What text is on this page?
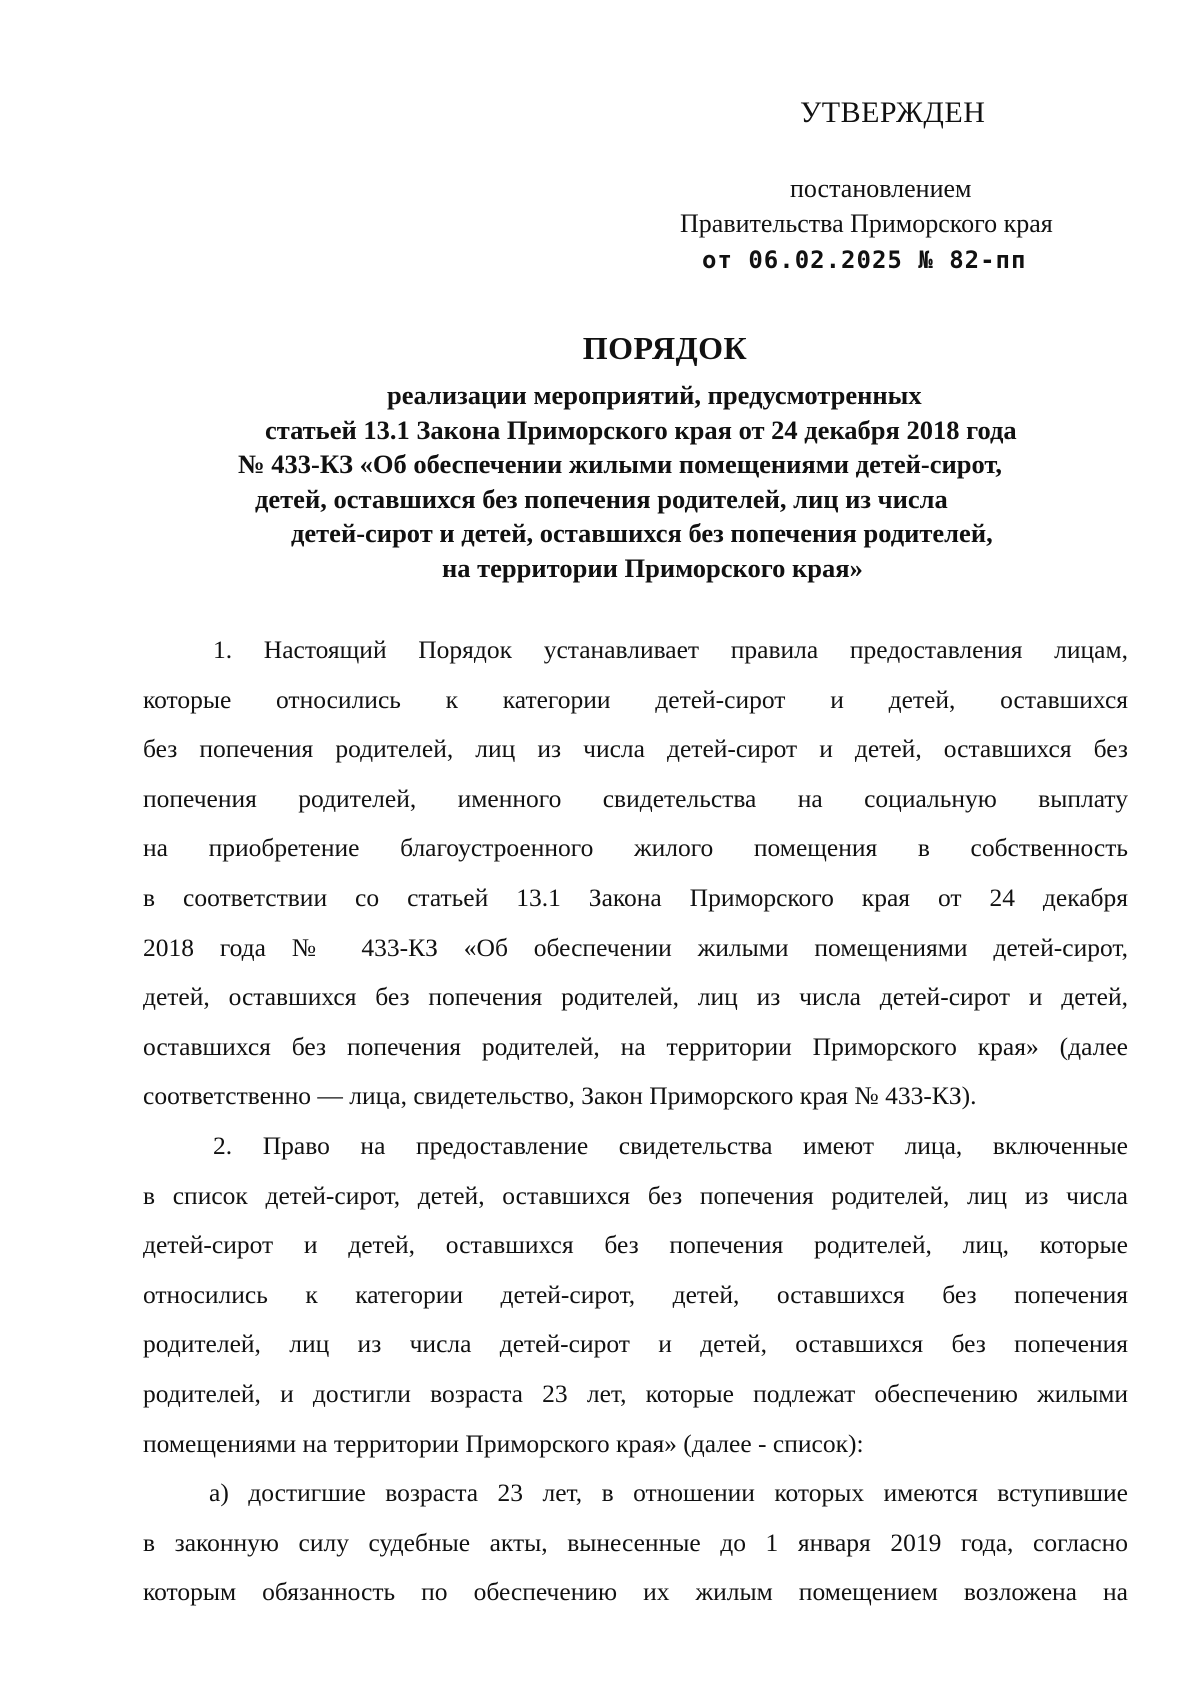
УТВЕРЖДЕН
постановлением
Правительства Приморского края
от 06.02.2025 № 82-пп
ПОРЯДОК
реализации мероприятий, предусмотренных
статьей 13.1 Закона Приморского края от 24 декабря 2018 года
№ 433-КЗ «Об обеспечении жилыми помещениями детей-сирот,
детей, оставшихся без попечения родителей, лиц из числа
детей-сирот и детей, оставшихся без попечения родителей,
на территории Приморского края»
1. Настоящий Порядок устанавливает правила предоставления лицам,
которые относились к категории детей-сирот и детей, оставшихся
без попечения родителей, лиц из числа детей-сирот и детей, оставшихся без
попечения родителей, именного свидетельства на социальную выплату
на приобретение благоустроенного жилого помещения в собственность
в соответствии со статьей 13.1 Закона Приморского края от 24 декабря
2018 года № 433-КЗ «Об обеспечении жилыми помещениями детей-сирот,
детей, оставшихся без попечения родителей, лиц из числа детей-сирот и детей,
оставшихся без попечения родителей, на территории Приморского края» (далее
соответственно — лица, свидетельство, Закон Приморского края № 433-КЗ).
2. Право на предоставление свидетельства имеют лица, включенные
в список детей-сирот, детей, оставшихся без попечения родителей, лиц из числа
детей-сирот и детей, оставшихся без попечения родителей, лиц, которые
относились к категории детей-сирот, детей, оставшихся без попечения
родителей, лиц из числа детей-сирот и детей, оставшихся без попечения
родителей, и достигли возраста 23 лет, которые подлежат обеспечению жилыми
помещениями на территории Приморского края» (далее - список):
а) достигшие возраста 23 лет, в отношении которых имеются вступившие
в законную силу судебные акты, вынесенные до 1 января 2019 года, согласно
которым обязанность по обеспечению их жилым помещением возложена на
